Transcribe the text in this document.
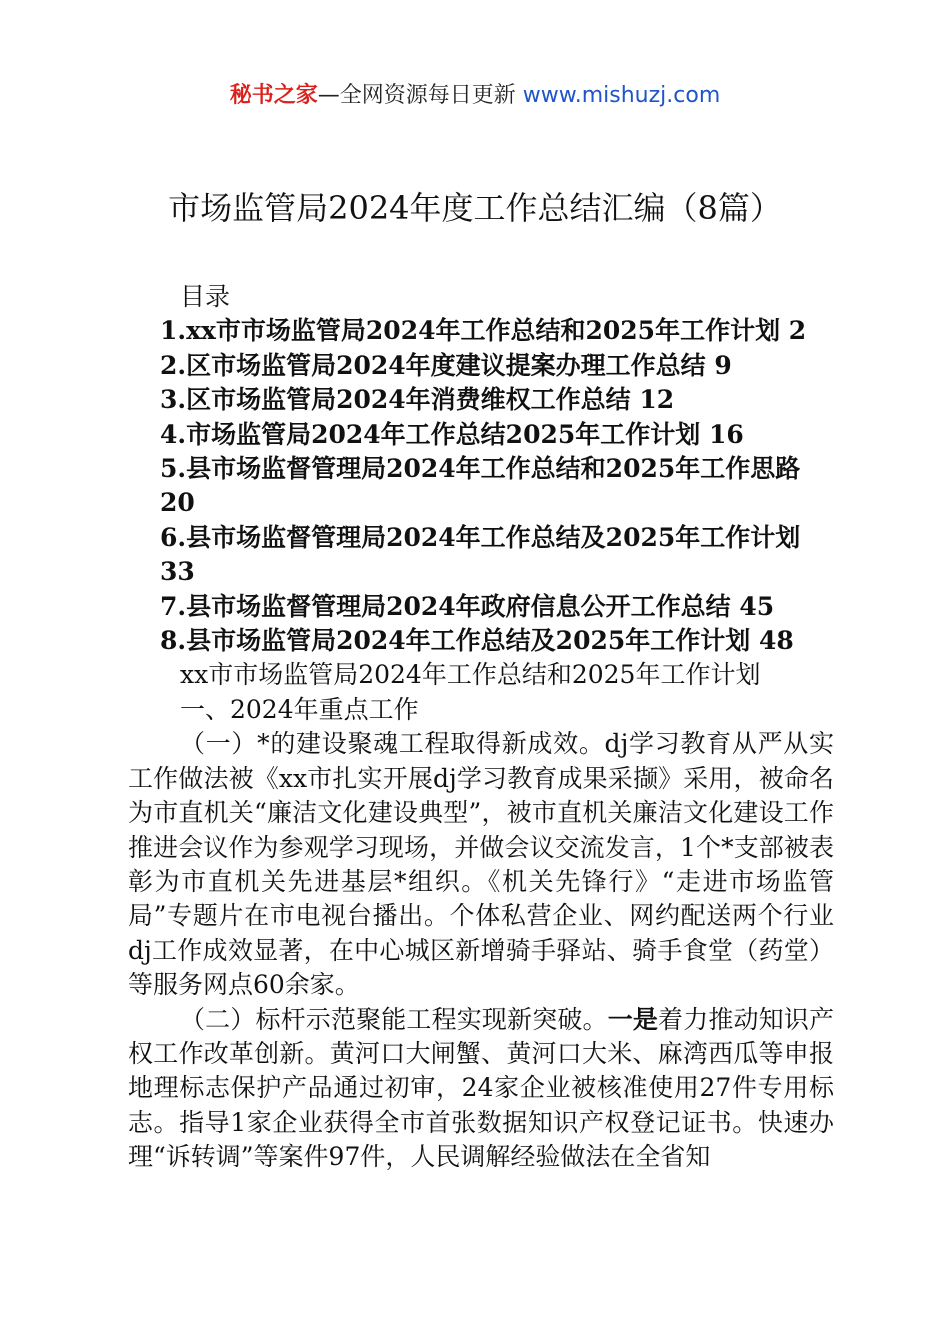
秘书之家—全网资源每日更新 www.mishuzj.com
市场监管局2024年度工作总结汇编（8篇）

目录

1.xx市市场监管局2024年工作总结和2025年工作计划 2

2.区市场监管局2024年度建议提案办理工作总结 9

3.区市场监管局2024年消费维权工作总结 12

4.市场监管局2024年工作总结2025年工作计划 16

5.县市场监督管理局2024年工作总结和2025年工作思路

20

6.县市场监督管理局2024年工作总结及2025年工作计划

33

7.县市场监督管理局2024年政府信息公开工作总结 45

8.县市场监管局2024年工作总结及2025年工作计划 48

xx市市场监管局2024年工作总结和2025年工作计划

一、2024年重点工作

（一）*的建设聚魂工程取得新成效。dj学习教育从严从实工作做法被《xx市扎实开展dj学习教育成果采撷》采用，被命名为市直机关“廉洁文化建设典型”，被市直机关廉洁文化建设工作推进会议作为参观学习现场，并做会议交流发言，1个*支部被表彰为市直机关先进基层*组织。《机关先锋行》“走进市场监管局”专题片在市电视台播出。个体私营企业、网约配送两个行业dj工作成效显著，在中心城区新增骑手驿站、骑手食堂（药堂）等服务网点60余家。

（二）标杆示范聚能工程实现新突破。一是着力推动知识产权工作改革创新。黄河口大闸蟹、黄河口大米、麻湾西瓜等申报地理标志保护产品通过初审，24家企业被核准使用27件专用标志。指导1家企业获得全市首张数据知识产权登记证书。快速办理“诉转调”等案件97件，人民调解经验做法在全省知
